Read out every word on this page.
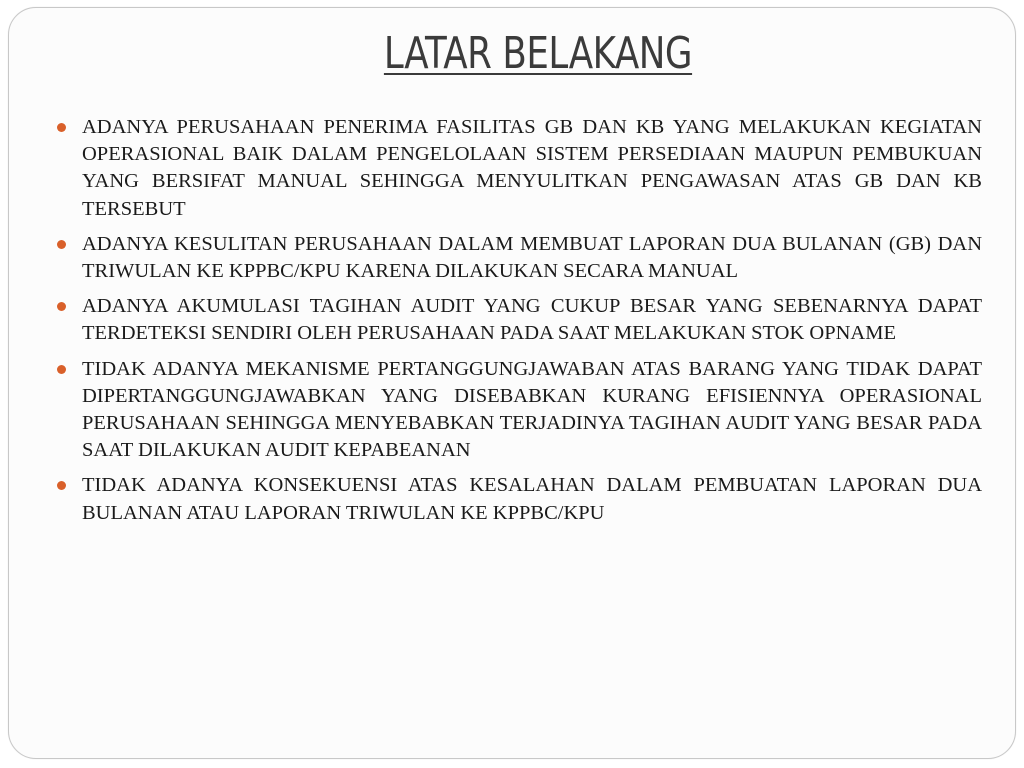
LATAR BELAKANG
ADANYA PERUSAHAAN PENERIMA FASILITAS GB DAN KB YANG MELAKUKAN KEGIATAN OPERASIONAL BAIK DALAM PENGELOLAAN SISTEM PERSEDIAAN MAUPUN PEMBUKUAN YANG BERSIFAT MANUAL SEHINGGA MENYULITKAN PENGAWASAN ATAS GB DAN KB TERSEBUT
ADANYA KESULITAN PERUSAHAAN DALAM MEMBUAT LAPORAN DUA BULANAN (GB) DAN TRIWULAN KE KPPBC/KPU KARENA DILAKUKAN SECARA MANUAL
ADANYA AKUMULASI TAGIHAN AUDIT YANG CUKUP BESAR YANG SEBENARNYA DAPAT TERDETEKSI SENDIRI OLEH PERUSAHAAN PADA SAAT MELAKUKAN STOK OPNAME
TIDAK ADANYA MEKANISME PERTANGGUNGJAWABAN ATAS BARANG YANG TIDAK DAPAT DIPERTANGGUNGJAWABKAN YANG DISEBABKAN KURANG EFISIENNYA OPERASIONAL PERUSAHAAN SEHINGGA MENYEBABKAN TERJADINYA TAGIHAN AUDIT YANG BESAR PADA SAAT DILAKUKAN AUDIT KEPABEANAN
TIDAK ADANYA KONSEKUENSI ATAS KESALAHAN DALAM PEMBUATAN LAPORAN DUA BULANAN ATAU LAPORAN TRIWULAN KE KPPBC/KPU
